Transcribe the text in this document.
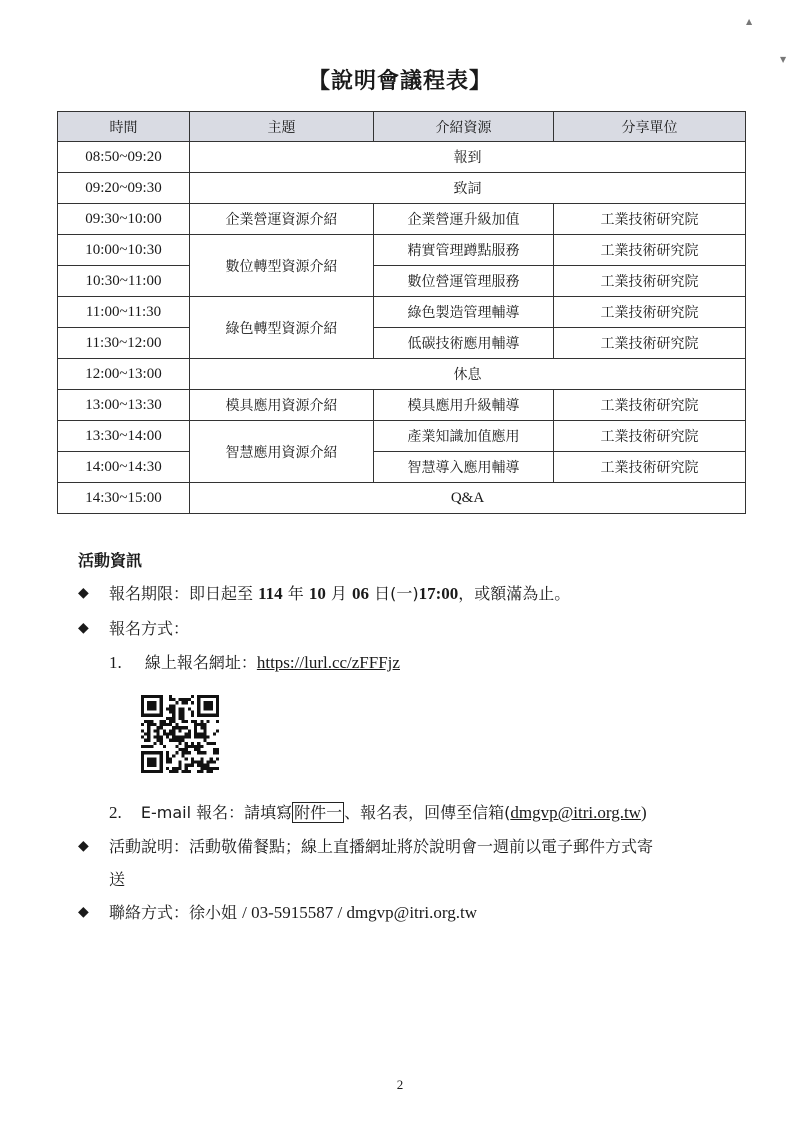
【說明會議程表】
時間	主題	介紹資源	分享單位
08:50~09:20	報到		
09:20~09:30	致詞		
09:30~10:00	企業營運資源介紹	企業營運升級加值	工業技術研究院
10:00~10:30	數位轉型資源介紹	精實管理蹲點服務	工業技術研究院
10:30~11:00		數位營運管理服務	工業技術研究院
11:00~11:30	綠色轉型資源介紹	綠色製造管理輔導	工業技術研究院
11:30~12:00		低碳技術應用輔導	工業技術研究院
12:00~13:00	休息		
13:00~13:30	模具應用資源介紹	模具應用升級輔導	工業技術研究院
13:30~14:00	智慧應用資源介紹	產業知識加值應用	工業技術研究院
14:00~14:30		智慧導入應用輔導	工業技術研究院
14:30~15:00	Q&A		
活動資訊
◆ 報名期限：即日起至 114 年 10 月 06 日(一)17:00，或額滿為止。
◆ 報名方式：
1. 線上報名網址：https://lurl.cc/zFFFjz
2. E-mail 報名：請填寫 附件一 、報名表，回傳至信箱(dmgvp@itri.org.tw)
◆ 活動說明：活動敬備餐點；線上直播網址將於說明會一週前以電子郵件方式寄
送
◆ 聯絡方式：徐小姐 / 03-5915587 / dmgvp@itri.org.tw
2
▲
▼
